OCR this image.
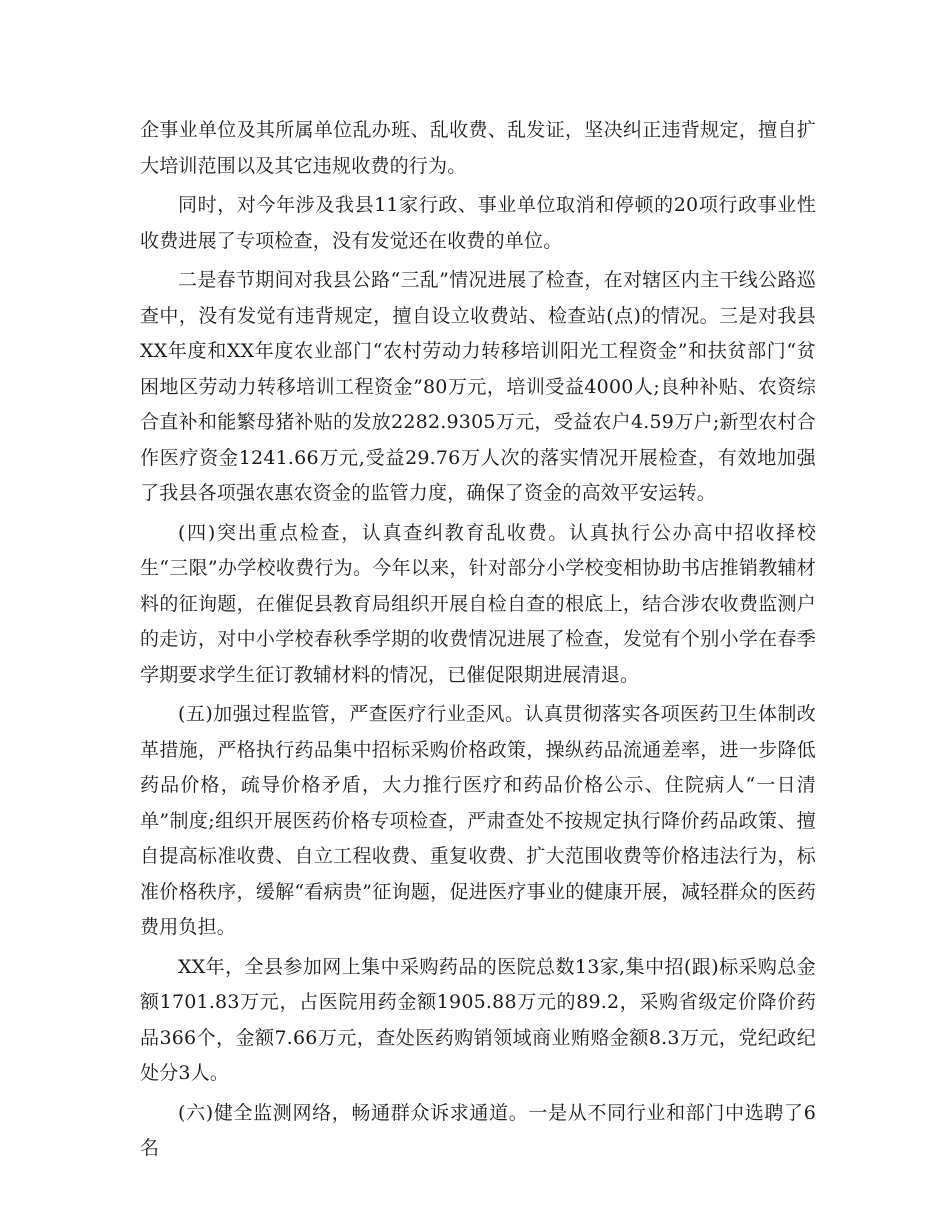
企事业单位及其所属单位乱办班、乱收费、乱发证，坚决纠正违背规定，擅自扩大培训范围以及其它违规收费的行为。

同时，对今年涉及我县11家行政、事业单位取消和停顿的20项行政事业性收费进展了专项检查，没有发觉还在收费的单位。

二是春节期间对我县公路“三乱”情况进展了检查，在对辖区内主干线公路巡查中，没有发觉有违背规定，擅自设立收费站、检查站(点)的情况。三是对我县XX年度和XX年度农业部门“农村劳动力转移培训阳光工程资金”和扶贫部门“贫困地区劳动力转移培训工程资金”80万元，培训受益4000人;良种补贴、农资综合直补和能繁母猪补贴的发放2282.9305万元，受益农户4.59万户;新型农村合作医疗资金1241.66万元,受益29.76万人次的落实情况开展检查，有效地加强了我县各项强农惠农资金的监管力度，确保了资金的高效平安运转。

(四)突出重点检查，认真查纠教育乱收费。认真执行公办高中招收择校生“三限”办学校收费行为。今年以来，针对部分小学校变相协助书店推销教辅材料的征询题，在催促县教育局组织开展自检自查的根底上，结合涉农收费监测户的走访，对中小学校春秋季学期的收费情况进展了检查，发觉有个别小学在春季学期要求学生征订教辅材料的情况，已催促限期进展清退。

(五)加强过程监管，严查医疗行业歪风。认真贯彻落实各项医药卫生体制改革措施，严格执行药品集中招标采购价格政策，操纵药品流通差率，进一步降低药品价格，疏导价格矛盾，大力推行医疗和药品价格公示、住院病人“一日清单”制度;组织开展医药价格专项检查，严肃查处不按规定执行降价药品政策、擅自提高标准收费、自立工程收费、重复收费、扩大范围收费等价格违法行为，标准价格秩序，缓解“看病贵”征询题，促进医疗事业的健康开展，减轻群众的医药费用负担。

XX年，全县参加网上集中采购药品的医院总数13家,集中招(跟)标采购总金额1701.83万元，占医院用药金额1905.88万元的89.2，采购省级定价降价药品366个，金额7.66万元，查处医药购销领域商业贿赂金额8.3万元，党纪政纪处分3人。

(六)健全监测网络，畅通群众诉求通道。一是从不同行业和部门中选聘了6名
